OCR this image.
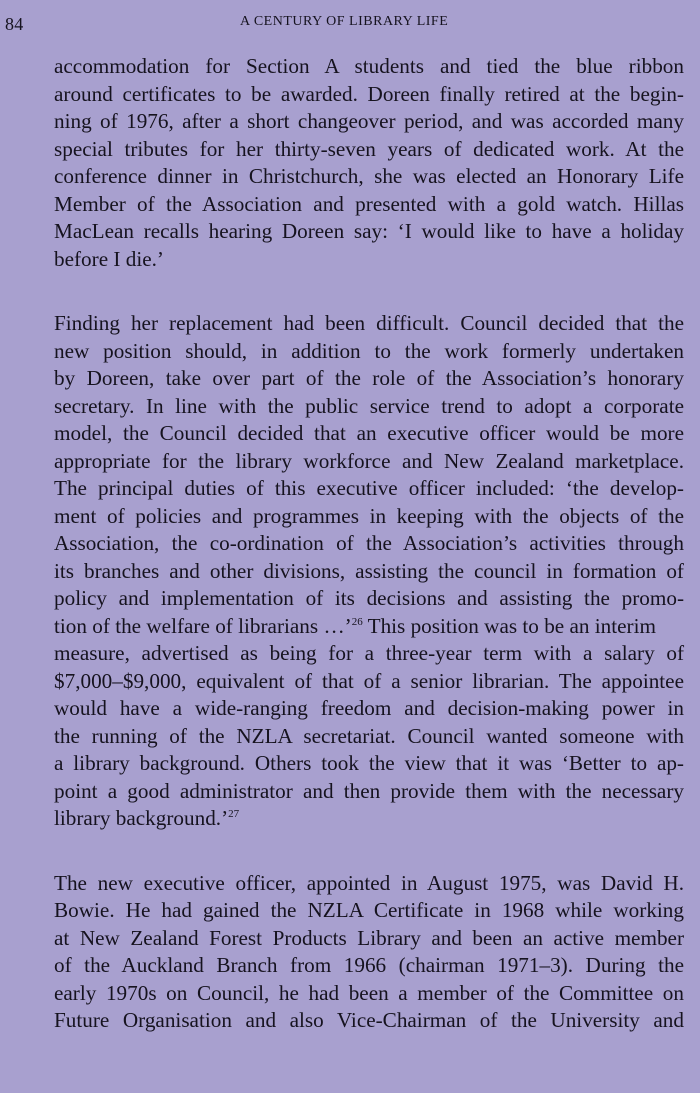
84	A CENTURY OF LIBRARY LIFE
accommodation for Section A students and tied the blue ribbon
around certificates to be awarded. Doreen finally retired at the begin-
ning of 1976, after a short changeover period, and was accorded many
special tributes for her thirty-seven years of dedicated work. At the
conference dinner in Christchurch, she was elected an Honorary Life
Member of the Association and presented with a gold watch. Hillas
MacLean recalls hearing Doreen say: ‘I would like to have a holiday
before I die.’
Finding her replacement had been difficult. Council decided that the
new position should, in addition to the work formerly undertaken
by Doreen, take over part of the role of the Association’s honorary
secretary. In line with the public service trend to adopt a corporate
model, the Council decided that an executive officer would be more
appropriate for the library workforce and New Zealand marketplace.
The principal duties of this executive officer included: ‘the develop-
ment of policies and programmes in keeping with the objects of the
Association, the co-ordination of the Association’s activities through
its branches and other divisions, assisting the council in formation of
policy and implementation of its decisions and assisting the promo-
tion of the welfare of librarians …’$^{26}$ This position was to be an interim
measure, advertised as being for a three-year term with a salary of
$7,000–$9,000, equivalent of that of a senior librarian. The appointee
would have a wide-ranging freedom and decision-making power in
the running of the NZLA secretariat. Council wanted someone with
a library background. Others took the view that it was ‘Better to ap-
point a good administrator and then provide them with the necessary
library background.’$^{27}$
The new executive officer, appointed in August 1975, was David H.
Bowie. He had gained the NZLA Certificate in 1968 while working
at New Zealand Forest Products Library and been an active member
of the Auckland Branch from 1966 (chairman 1971–3). During the
early 1970s on Council, he had been a member of the Committee on
Future Organisation and also Vice-Chairman of the University and
